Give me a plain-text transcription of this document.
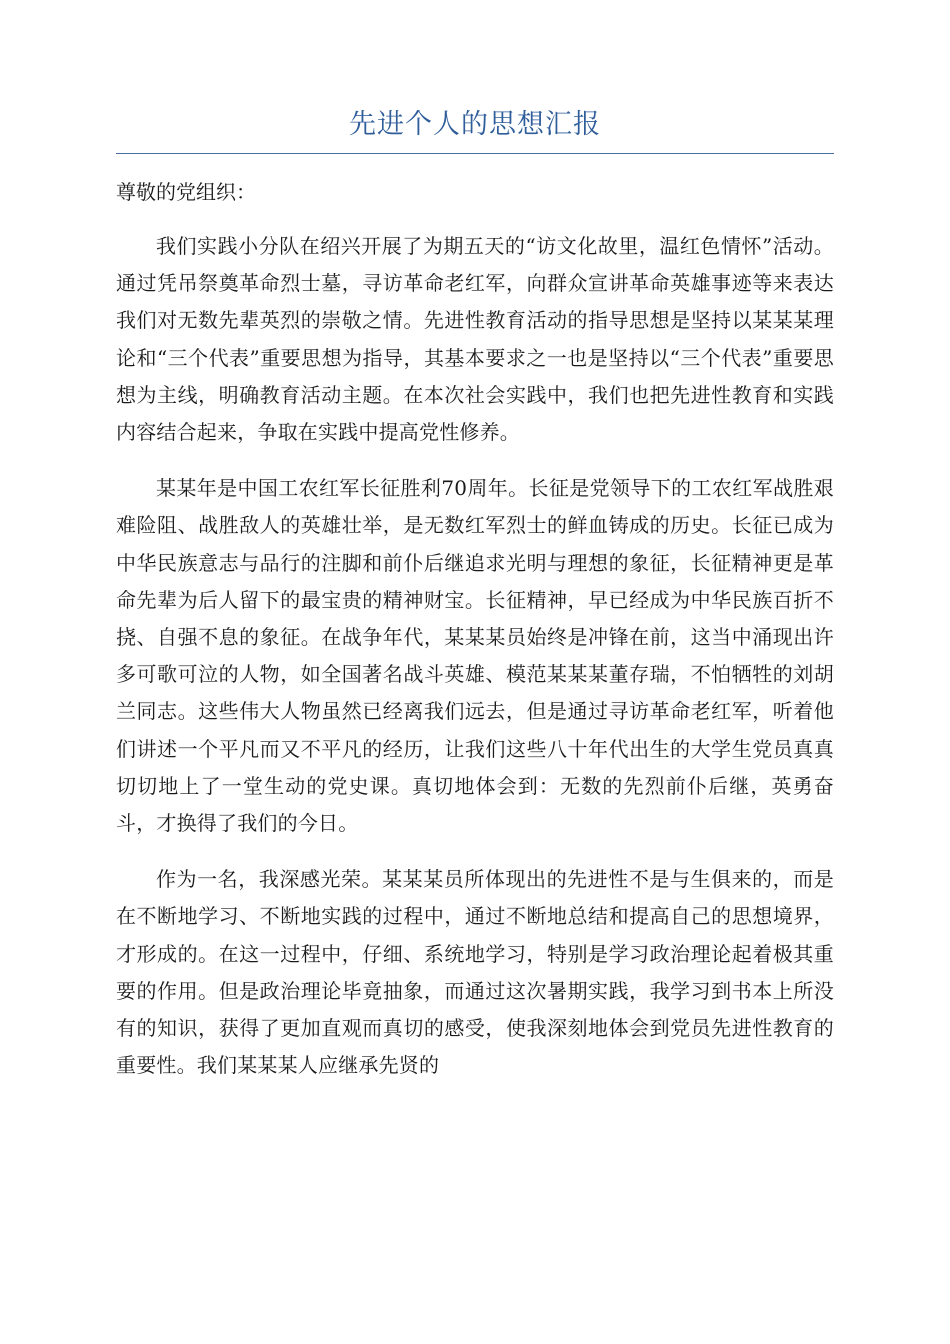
先进个人的思想汇报
尊敬的党组织：

我们实践小分队在绍兴开展了为期五天的“访文化故里，温红色情怀”活动。通过凭吊祭奠革命烈士墓，寻访革命老红军，向群众宣讲革命英雄事迹等来表达我们对无数先辈英烈的崇敬之情。先进性教育活动的指导思想是坚持以某某某理论和“三个代表”重要思想为指导，其基本要求之一也是坚持以“三个代表”重要思想为主线，明确教育活动主题。在本次社会实践中，我们也把先进性教育和实践内容结合起来，争取在实践中提高党性修养。

某某年是中国工农红军长征胜利70周年。长征是党领导下的工农红军战胜艰难险阻、战胜敌人的英雄壮举，是无数红军烈士的鲜血铸成的历史。长征已成为中华民族意志与品行的注脚和前仆后继追求光明与理想的象征，长征精神更是革命先辈为后人留下的最宝贵的精神财宝。长征精神，早已经成为中华民族百折不挠、自强不息的象征。在战争年代，某某某员始终是冲锋在前，这当中涌现出许多可歌可泣的人物，如全国著名战斗英雄、模范某某某董存瑞，不怕牺牲的刘胡兰同志。这些伟大人物虽然已经离我们远去，但是通过寻访革命老红军，听着他们讲述一个平凡而又不平凡的经历，让我们这些八十年代出生的大学生党员真真切切地上了一堂生动的党史课。真切地体会到：无数的先烈前仆后继，英勇奋斗，才换得了我们的今日。

作为一名，我深感光荣。某某某员所体现出的先进性不是与生俱来的，而是在不断地学习、不断地实践的过程中，通过不断地总结和提高自己的思想境界，才形成的。在这一过程中，仔细、系统地学习，特别是学习政治理论起着极其重要的作用。但是政治理论毕竟抽象，而通过这次暑期实践，我学习到书本上所没有的知识，获得了更加直观而真切的感受，使我深刻地体会到党员先进性教育的重要性。我们某某某人应继承先贤的
